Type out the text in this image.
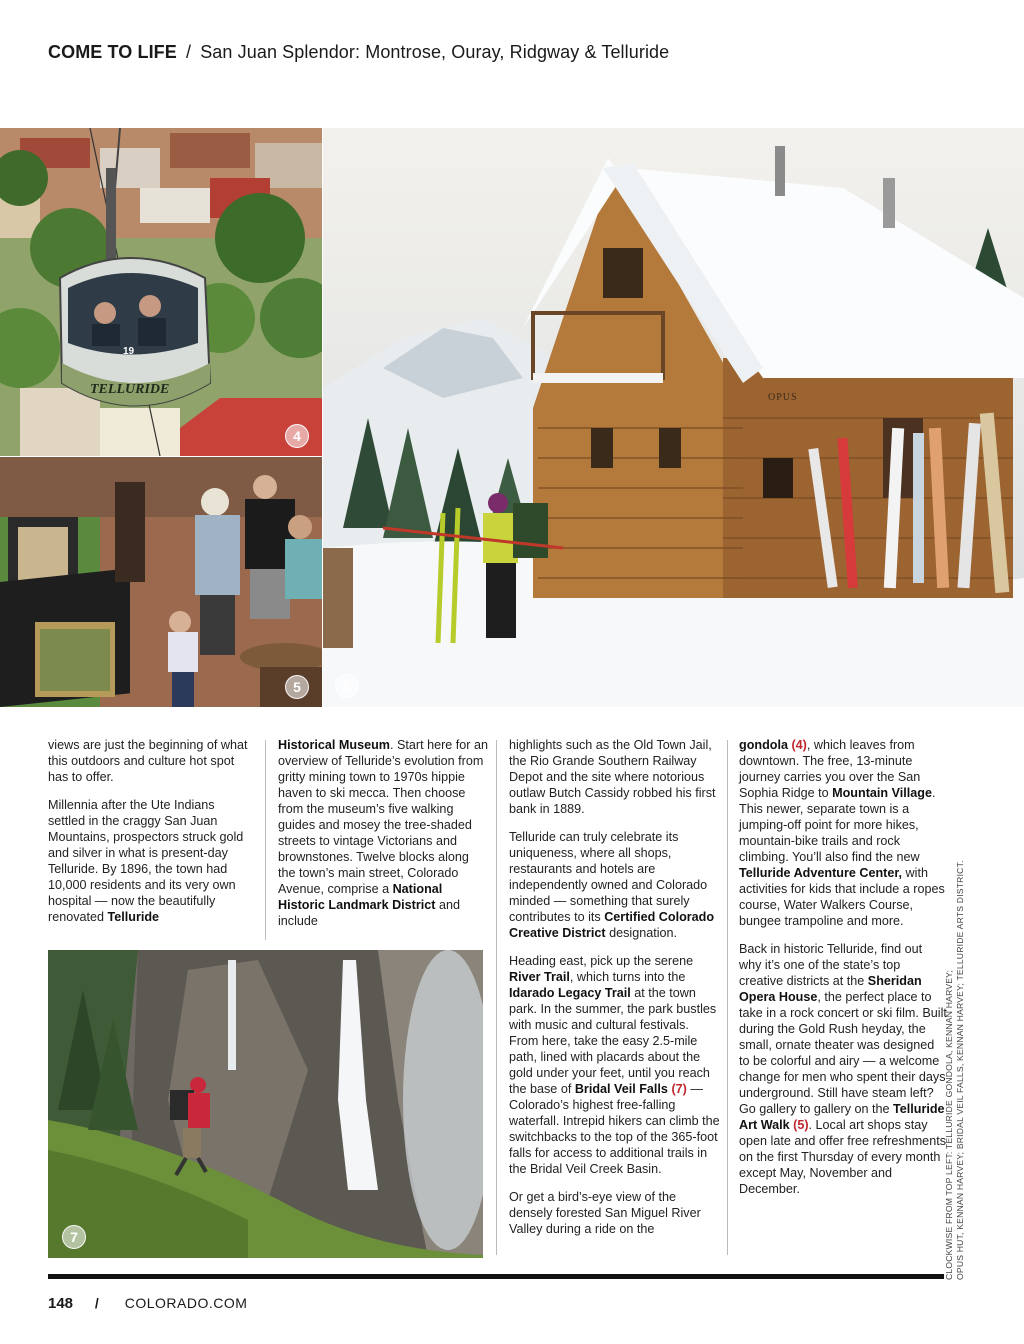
COME TO LIFE / San Juan Splendor: Montrose, Ouray, Ridgway & Telluride
19
TELLURIDE
4
5
OPUS
6
7

views are just the beginning of what this outdoors and culture hot spot has to offer.

Millennia after the Ute Indians settled in the craggy San Juan Mountains, prospectors struck gold and silver in what is present-day Telluride. By 1896, the town had 10,000 residents and its very own hospital — now the beautifully renovated Telluride

Historical Museum. Start here for an overview of Telluride’s evolution from gritty mining town to 1970s hippie haven to ski mecca. Then choose from the museum’s five walking guides and mosey the tree-shaded streets to vintage Victorians and brownstones. Twelve blocks along the town’s main street, Colorado Avenue, comprise a National Historic Landmark District and include

highlights such as the Old Town Jail, the Rio Grande Southern Railway Depot and the site where notorious outlaw Butch Cassidy robbed his first bank in 1889.

Telluride can truly celebrate its uniqueness, where all shops, restaurants and hotels are independently owned and Colorado minded — something that surely contributes to its Certified Colorado Creative District designation.

Heading east, pick up the serene River Trail, which turns into the Idarado Legacy Trail at the town park. In the summer, the park bustles with music and cultural festivals. From here, take the easy 2.5-mile path, lined with placards about the gold under your feet, until you reach the base of Bridal Veil Falls (7) — Colorado’s highest free-falling waterfall. Intrepid hikers can climb the switchbacks to the top of the 365-foot falls for access to additional trails in the Bridal Veil Creek Basin.

Or get a bird’s-eye view of the densely forested San Miguel River Valley during a ride on the

gondola (4), which leaves from downtown. The free, 13-minute journey carries you over the San Sophia Ridge to Mountain Village. This newer, separate town is a jumping-off point for more hikes, mountain-bike trails and rock climbing. You’ll also find the new Telluride Adventure Center, with activities for kids that include a ropes course, Water Walkers Course, bungee trampoline and more.

Back in historic Telluride, find out why it’s one of the state’s top creative districts at the Sheridan Opera House, the perfect place to take in a rock concert or ski film. Built during the Gold Rush heyday, the small, ornate theater was designed to be colorful and airy — a welcome change for men who spent their days underground. Still have steam left? Go gallery to gallery on the Telluride Art Walk (5). Local art shops stay open late and offer free refreshments on the first Thursday of every month except May, November and December.	CLOCKWISE FROM TOP LEFT: TELLURIDE GONDOLA, KENNAN HARVEY; OPUS HUT, KENNAN HARVEY; BRIDAL VEIL FALLS, KENNAN HARVEY; TELLURIDE ARTS DISTRICT.
148 / COLORADO.COM
